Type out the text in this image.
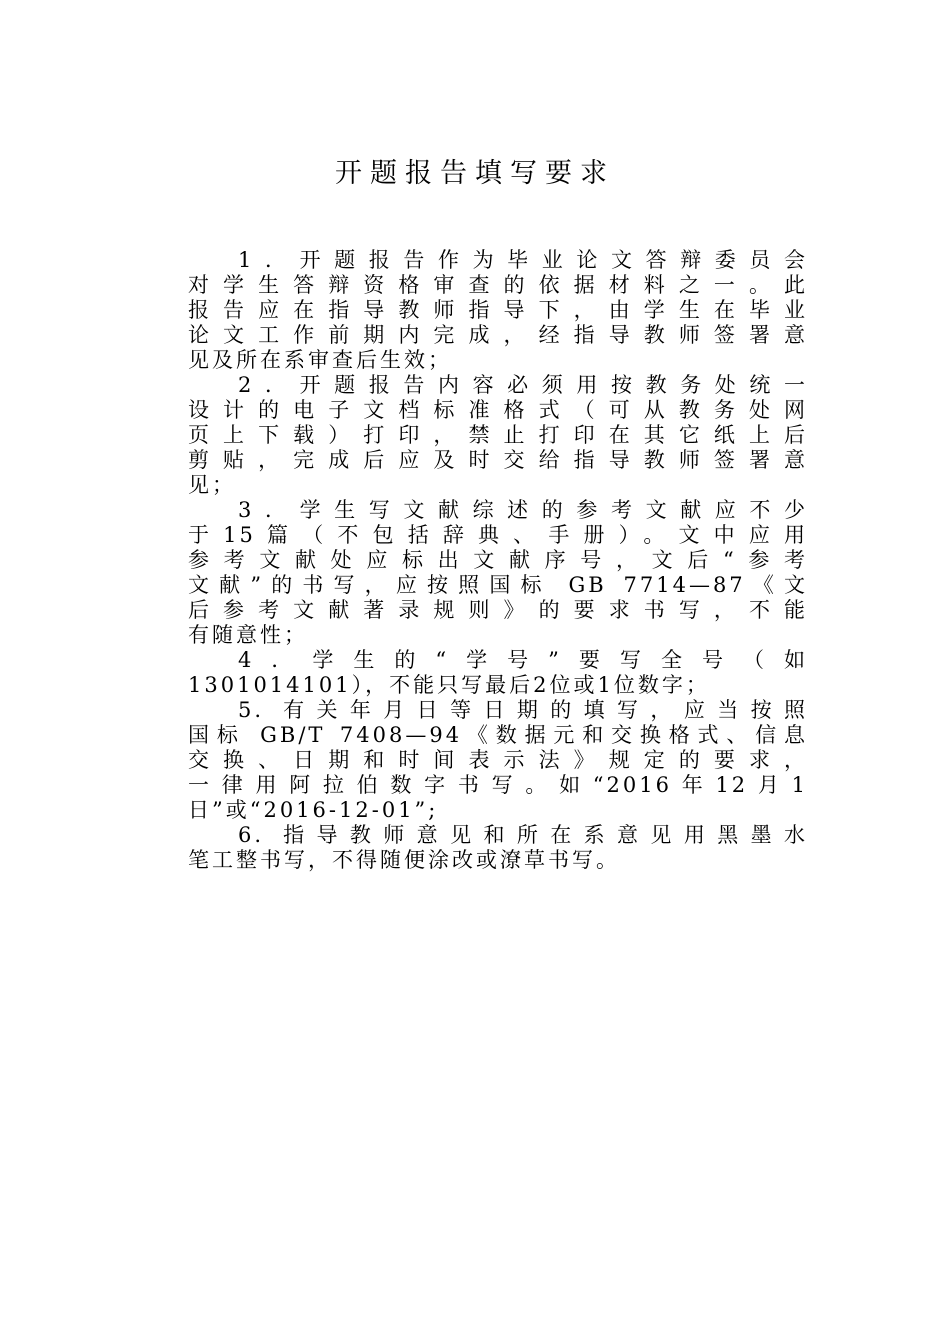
开题报告填写要求
1．开题报告作为毕业论文答辩委员会
对学生答辩资格审查的依据材料之一。此
报告应在指导教师指导下，由学生在毕业
论文工作前期内完成，经指导教师签署意
见及所在系审查后生效；
2．开题报告内容必须用按教务处统一
设计的电子文档标准格式（可从教务处网
页上下载）打印，禁止打印在其它纸上后
剪贴，完成后应及时交给指导教师签署意
见；
3．学生写文献综述的参考文献应不少
于15篇（不包括辞典、手册）。文中应用
参考文献处应标出文献序号，文后“参考
文献”的书写，应按照国标 GB 7714—87《文
后参考文献著录规则》的要求书写，不能
有随意性；
4．学生的“学号”要写全号（如
1301014101），不能只写最后2位或1位数字；
5. 有关年月日等日期的填写，应当按照
国标 GB/T 7408—94《数据元和交换格式、信息
交换、日期和时间表示法》规定的要求，
一律用阿拉伯数字书写。如“2016年12月1
日”或“2016-12-01”;
6. 指导教师意见和所在系意见用黑墨水
笔工整书写，不得随便涂改或潦草书写。
